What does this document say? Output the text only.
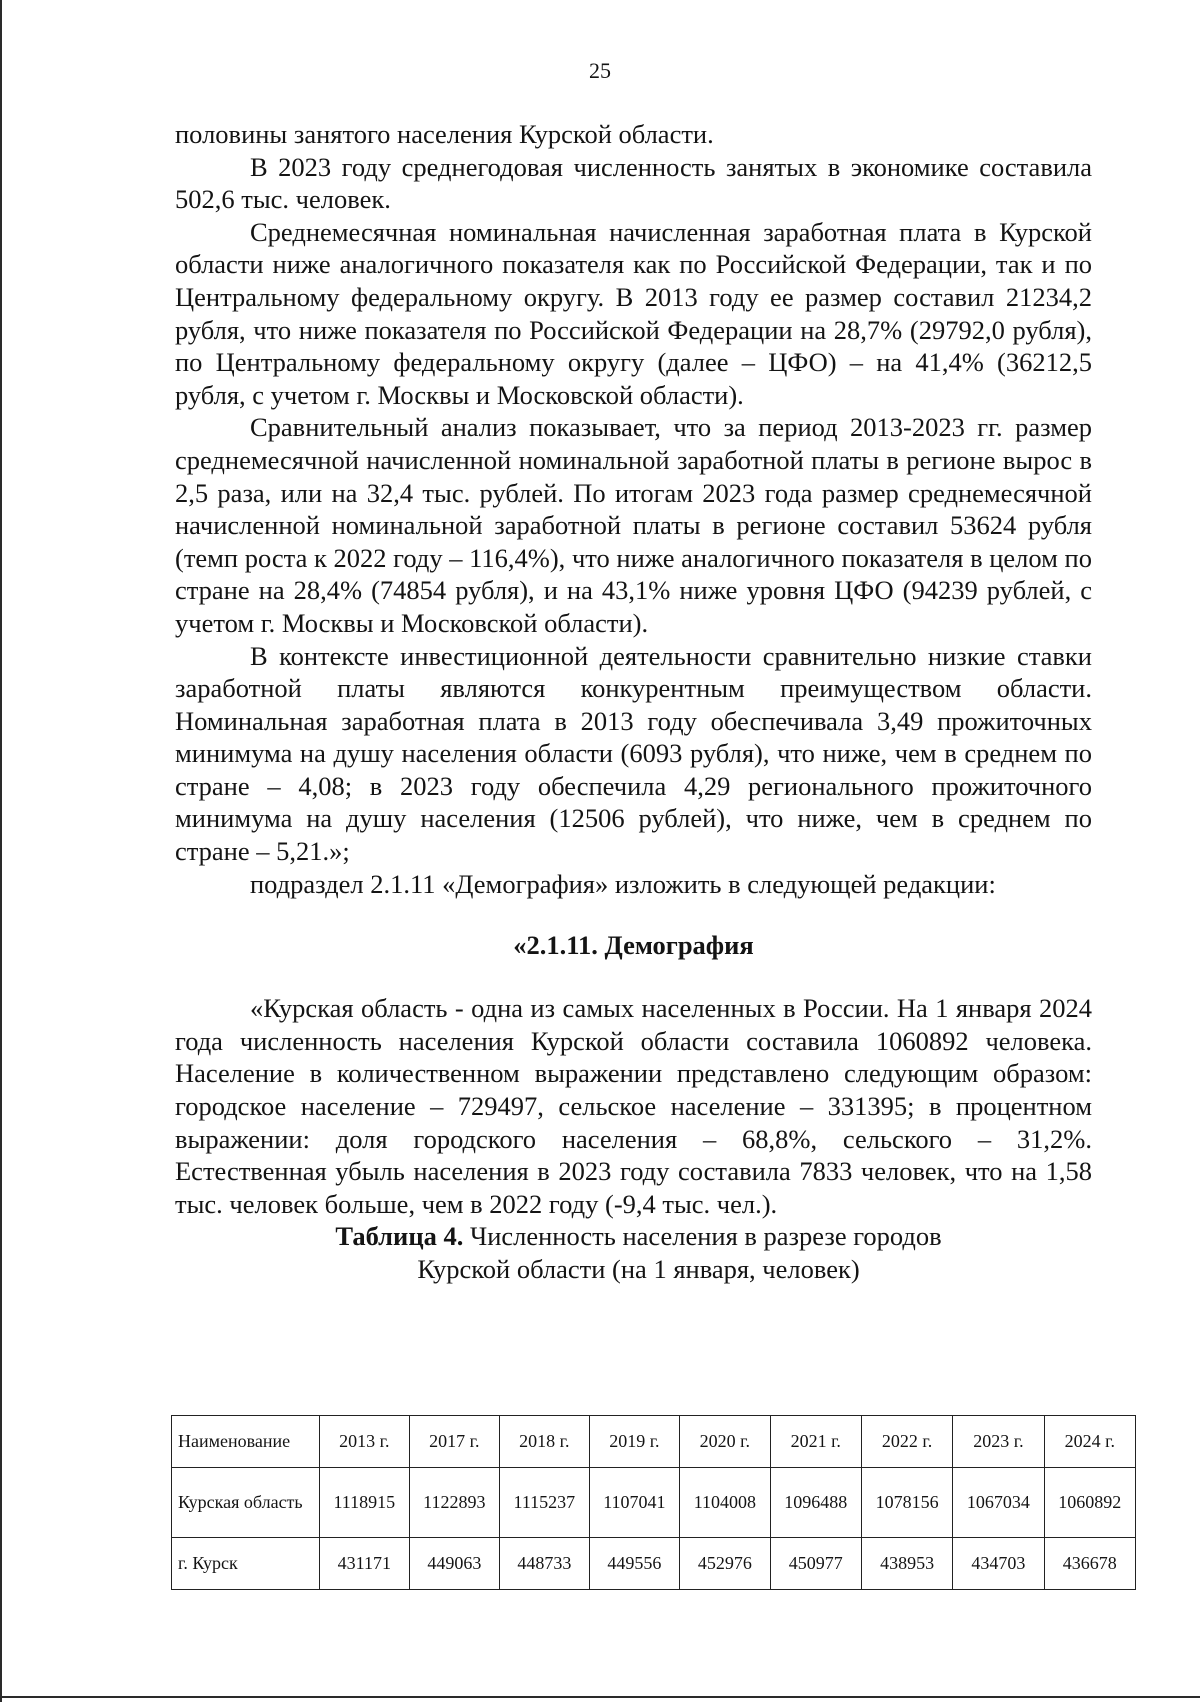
25

половины занятого населения Курской области.

В 2023 году среднегодовая численность занятых в экономике составила 502,6 тыс. человек.

Среднемесячная номинальная начисленная заработная плата в Курской области ниже аналогичного показателя как по Российской Федерации, так и по Центральному федеральному округу. В 2013 году ее размер составил 21234,2 рубля, что ниже показателя по Российской Федерации на 28,7% (29792,0 рубля), по Центральному федеральному округу (далее – ЦФО) – на 41,4% (36212,5 рубля, с учетом г. Москвы и Московской области).

Сравнительный анализ показывает, что за период 2013-2023 гг. размер среднемесячной начисленной номинальной заработной платы в регионе вырос в 2,5 раза, или на 32,4 тыс. рублей. По итогам 2023 года размер среднемесячной начисленной номинальной заработной платы в регионе составил 53624 рубля (темп роста к 2022 году – 116,4%), что ниже аналогичного показателя в целом по стране на 28,4% (74854 рубля), и на 43,1% ниже уровня ЦФО (94239 рублей, с учетом г. Москвы и Московской области).

В контексте инвестиционной деятельности сравнительно низкие ставки заработной платы являются конкурентным преимуществом области. Номинальная заработная плата в 2013 году обеспечивала 3,49 прожиточных минимума на душу населения области (6093 рубля), что ниже, чем в среднем по стране – 4,08; в 2023 году обеспечила 4,29 регионального прожиточного минимума на душу населения (12506 рублей), что ниже, чем в среднем по стране – 5,21.»;

подраздел 2.1.11 «Демография» изложить в следующей редакции:

«2.1.11. Демография

«Курская область - одна из самых населенных в России. На 1 января 2024 года численность населения Курской области составила 1060892 человека. Население в количественном выражении представлено следующим образом: городское население – 729497, сельское население – 331395; в процентном выражении: доля городского населения – 68,8%, сельского – 31,2%. Естественная убыль населения в 2023 году составила 7833 человек, что на 1,58 тыс. человек больше, чем в 2022 году (-9,4 тыс. чел.).

Таблица 4. Численность населения в разрезе городов

Курской области (на 1 января, человек)

Наименование	2013 г.	2017 г.	2018 г.	2019 г.	2020 г.	2021 г.	2022 г.	2023 г.	2024 г.
Курская область	1118915	1122893	1115237	1107041	1104008	1096488	1078156	1067034	1060892
г. Курск	431171	449063	448733	449556	452976	450977	438953	434703	436678
